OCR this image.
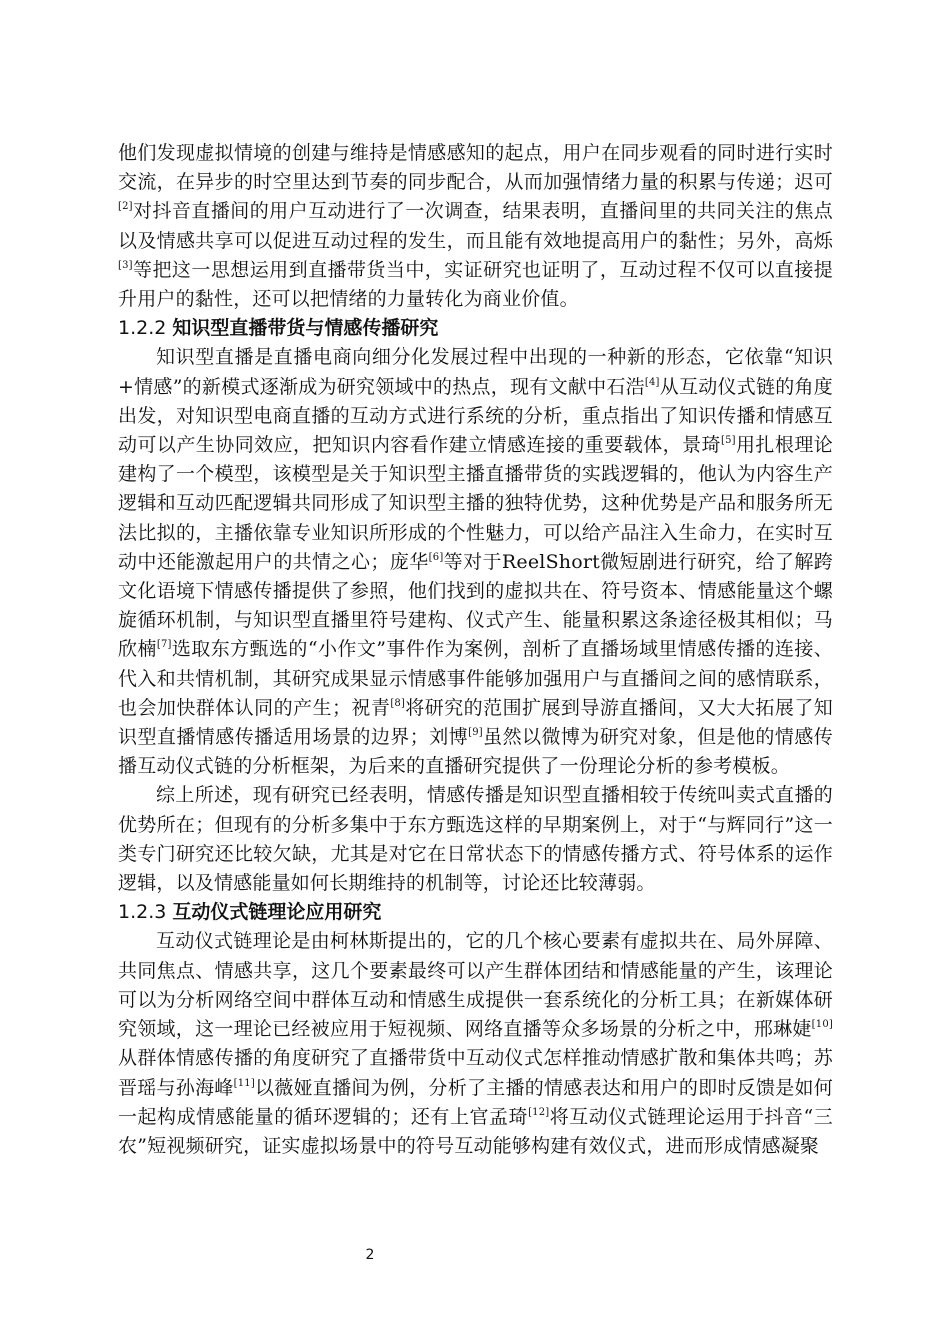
他们发现虚拟情境的创建与维持是情感感知的起点，用户在同步观看的同时进行实时交流，在异步的时空里达到节奏的同步配合，从而加强情绪力量的积累与传递；迟可[2]对抖音直播间的用户互动进行了一次调查，结果表明，直播间里的共同关注的焦点以及情感共享可以促进互动过程的发生，而且能有效地提高用户的黏性；另外，高烁[3]等把这一思想运用到直播带货当中，实证研究也证明了，互动过程不仅可以直接提升用户的黏性，还可以把情绪的力量转化为商业价值。

1.2.2 知识型直播带货与情感传播研究

知识型直播是直播电商向细分化发展过程中出现的一种新的形态，它依靠“知识+情感”的新模式逐渐成为研究领域中的热点，现有文献中石浩[4]从互动仪式链的角度出发，对知识型电商直播的互动方式进行系统的分析，重点指出了知识传播和情感互动可以产生协同效应，把知识内容看作建立情感连接的重要载体，景琦[5]用扎根理论建构了一个模型，该模型是关于知识型主播直播带货的实践逻辑的，他认为内容生产逻辑和互动匹配逻辑共同形成了知识型主播的独特优势，这种优势是产品和服务所无法比拟的，主播依靠专业知识所形成的个性魅力，可以给产品注入生命力，在实时互动中还能激起用户的共情之心；庞华[6]等对于ReelShort微短剧进行研究，给了解跨文化语境下情感传播提供了参照，他们找到的虚拟共在、符号资本、情感能量这个螺旋循环机制，与知识型直播里符号建构、仪式产生、能量积累这条途径极其相似；马欣楠[7]选取东方甄选的“小作文”事件作为案例，剖析了直播场域里情感传播的连接、代入和共情机制，其研究成果显示情感事件能够加强用户与直播间之间的感情联系，也会加快群体认同的产生；祝青[8]将研究的范围扩展到导游直播间，又大大拓展了知识型直播情感传播适用场景的边界；刘博[9]虽然以微博为研究对象，但是他的情感传播互动仪式链的分析框架，为后来的直播研究提供了一份理论分析的参考模板。

综上所述，现有研究已经表明，情感传播是知识型直播相较于传统叫卖式直播的优势所在；但现有的分析多集中于东方甄选这样的早期案例上，对于“与辉同行”这一类专门研究还比较欠缺，尤其是对它在日常状态下的情感传播方式、符号体系的运作逻辑，以及情感能量如何长期维持的机制等，讨论还比较薄弱。

1.2.3 互动仪式链理论应用研究

互动仪式链理论是由柯林斯提出的，它的几个核心要素有虚拟共在、局外屏障、共同焦点、情感共享，这几个要素最终可以产生群体团结和情感能量的产生，该理论可以为分析网络空间中群体互动和情感生成提供一套系统化的分析工具；在新媒体研究领域，这一理论已经被应用于短视频、网络直播等众多场景的分析之中，邢琳婕[10]从群体情感传播的角度研究了直播带货中互动仪式怎样推动情感扩散和集体共鸣；苏晋瑶与孙海峰[11]以薇娅直播间为例，分析了主播的情感表达和用户的即时反馈是如何一起构成情感能量的循环逻辑的；还有上官孟琦[12]将互动仪式链理论运用于抖音“三农”短视频研究，证实虚拟场景中的符号互动能够构建有效仪式，进而形成情感凝聚

2
